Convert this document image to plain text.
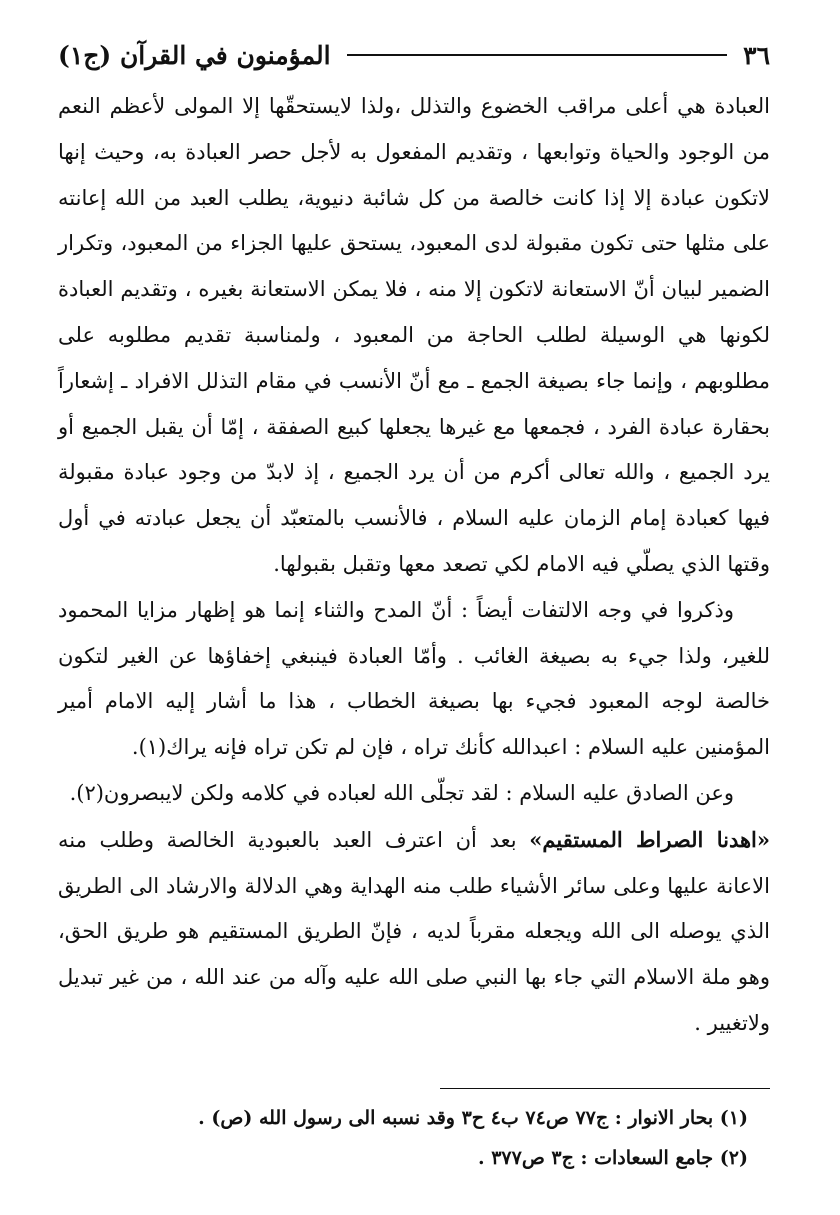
٣٦
المؤمنون في القرآن (ج١)

العبادة هي أعلى مراقب الخضوع والتذلل ،ولذا لايستحقّها إلا المولى لأعظم النعم من الوجود والحياة وتوابعها ، وتقديم المفعول به لأجل حصر العبادة به، وحيث إنها لاتكون عبادة إلا إذا كانت خالصة من كل شائبة دنيوية، يطلب العبد من الله إعانته على مثلها حتى تكون مقبولة لدى المعبود، يستحق عليها الجزاء من المعبود، وتكرار الضمير لبيان أنّ الاستعانة لاتكون إلا منه ، فلا يمكن الاستعانة بغيره ، وتقديم العبادة لكونها هي الوسيلة لطلب الحاجة من المعبود ، ولمناسبة تقديم مطلوبه على مطلوبهم ، وإنما جاء بصيغة الجمع ـ مع أنّ الأنسب في مقام التذلل الافراد ـ إشعاراً بحقارة عبادة الفرد ، فجمعها مع غيرها يجعلها كبيع الصفقة ، إمّا أن يقبل الجميع أو يرد الجميع ، والله تعالى أكرم من أن يرد الجميع ، إذ لابدّ من وجود عبادة مقبولة فيها كعبادة إمام الزمان عليه السلام ، فالأنسب بالمتعبّد أن يجعل عبادته في أول وقتها الذي يصلّي فيه الامام لكي تصعد معها وتقبل بقبولها.

وذكروا في وجه الالتفات أيضاً : أنّ المدح والثناء إنما هو إظهار مزايا المحمود للغير، ولذا جيء به بصيغة الغائب . وأمّا العبادة فينبغي إخفاؤها عن الغير لتكون خالصة لوجه المعبود فجيء بها بصيغة الخطاب ، هذا ما أشار إليه الامام أمير المؤمنين عليه السلام : اعبدالله كأنك تراه ، فإن لم تكن تراه فإنه يراك(١).

وعن الصادق عليه السلام : لقد تجلّى الله لعباده في كلامه ولكن لايبصرون(٢).

«اهدنا الصراط المستقيم» بعد أن اعترف العبد بالعبودية الخالصة وطلب منه الاعانة عليها وعلى سائر الأشياء طلب منه الهداية وهي الدلالة والارشاد الى الطريق الذي يوصله الى الله ويجعله مقرباً لديه ، فإنّ الطريق المستقيم هو طريق الحق، وهو ملة الاسلام التي جاء بها النبي صلى الله عليه وآله من عند الله ، من غير تبديل ولاتغيير .

(١) بحار الانوار : ج٧٧ ص٧٤ ب٤ ح٣ وقد نسبه الى رسول الله (ص) .

(٢) جامع السعادات : ج٣ ص٣٧٧ .
